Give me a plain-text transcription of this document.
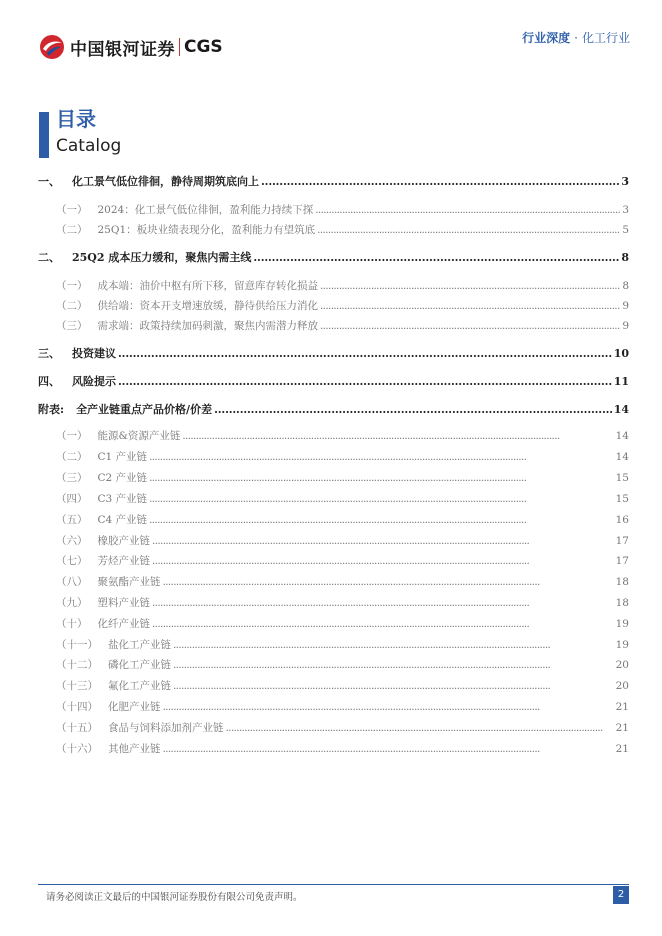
中国银河证券 CGS	行业深度 · 化工行业
目录
Catalog
一、 化工景气低位徘徊，静待周期筑底向上 . . .	3
（一） 2024：化工景气低位徘徊，盈利能力持续下探 . . .	3
（二） 25Q1：板块业绩表现分化，盈利能力有望筑底 . . .	5
二、 25Q2 成本压力缓和，聚焦内需主线 . . .	8
（一） 成本端：油价中枢有所下移，留意库存转化损益 . . .	8
（二） 供给端：资本开支增速放缓，静待供给压力消化 . . .	9
（三） 需求端：政策持续加码刺激，聚焦内需潜力释放 . . .	9
三、 投资建议 . . .	10
四、 风险提示 . . .	11
附表: 全产业链重点产品价格/价差 . . .	14
（一） 能源&资源产业链 . . .	14
（二） C1 产业链 . . .	14
（三） C2 产业链 . . .	15
（四） C3 产业链 . . .	15
（五） C4 产业链 . . .	16
（六） 橡胶产业链 . . .	17
（七） 芳烃产业链 . . .	17
（八） 聚氨酯产业链 . . .	18
（九） 塑料产业链 . . .	18
（十） 化纤产业链 . . .	19
（十一） 盐化工产业链 . . .	19
（十二） 磷化工产业链 . . .	20
（十三） 氟化工产业链 . . .	20
（十四） 化肥产业链 . . .	21
（十五） 食品与饲料添加剂产业链 . . .	21
（十六） 其他产业链 . . .	21
请务必阅读正文最后的中国银河证券股份有限公司免责声明。	2
